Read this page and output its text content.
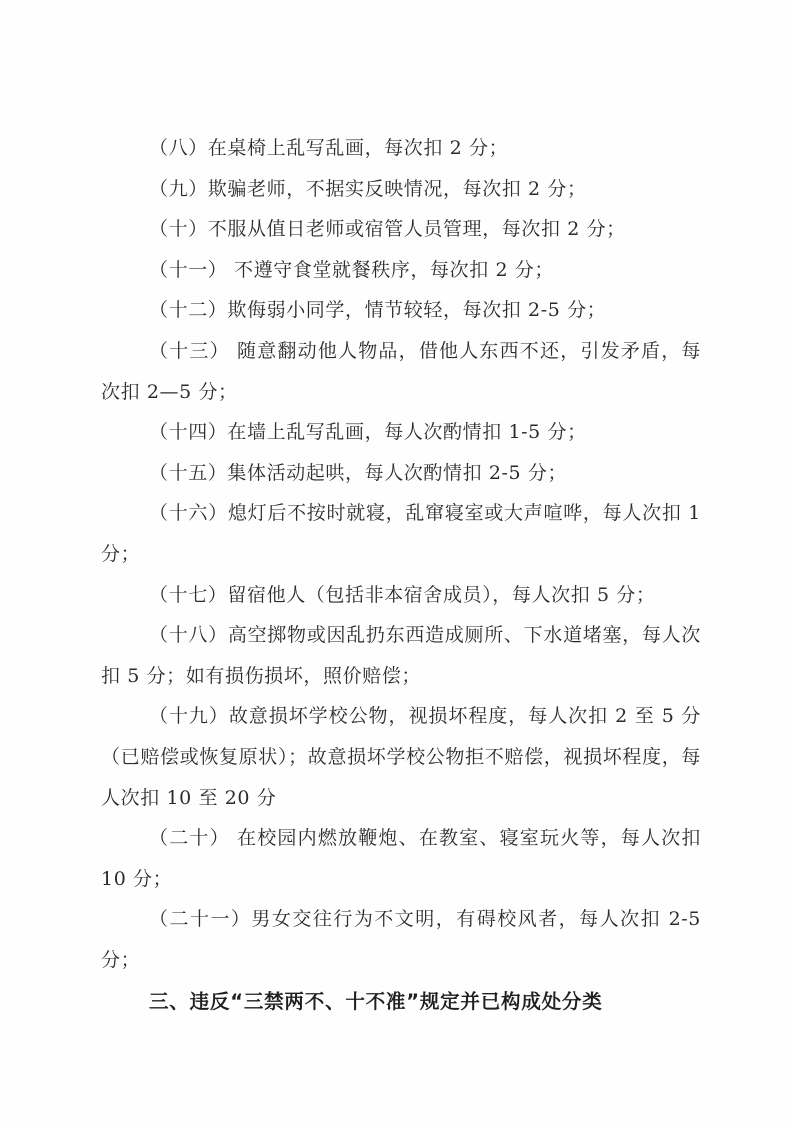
（八）在桌椅上乱写乱画，每次扣 2 分；

（九）欺骗老师，不据实反映情况，每次扣 2 分；

（十）不服从值日老师或宿管人员管理，每次扣 2 分；

（十一） 不遵守食堂就餐秩序，每次扣 2 分；

（十二）欺侮弱小同学，情节较轻，每次扣 2-5 分；

（十三） 随意翻动他人物品，借他人东西不还，引发矛盾，每次扣 2—5 分；

（十四）在墙上乱写乱画，每人次酌情扣 1-5 分；

（十五）集体活动起哄，每人次酌情扣 2-5 分；

（十六）熄灯后不按时就寝，乱窜寝室或大声喧哗，每人次扣 1 分；

（十七）留宿他人（包括非本宿舍成员），每人次扣 5 分；

（十八）高空掷物或因乱扔东西造成厕所、下水道堵塞，每人次扣 5 分；如有损伤损坏，照价赔偿；

（十九）故意损坏学校公物，视损坏程度，每人次扣 2 至 5 分（已赔偿或恢复原状）；故意损坏学校公物拒不赔偿，视损坏程度，每人次扣 10 至 20 分

（二十） 在校园内燃放鞭炮、在教室、寝室玩火等，每人次扣 10 分；

（二十一）男女交往行为不文明，有碍校风者，每人次扣 2-5 分；

三、违反“三禁两不、十不准”规定并已构成处分类
